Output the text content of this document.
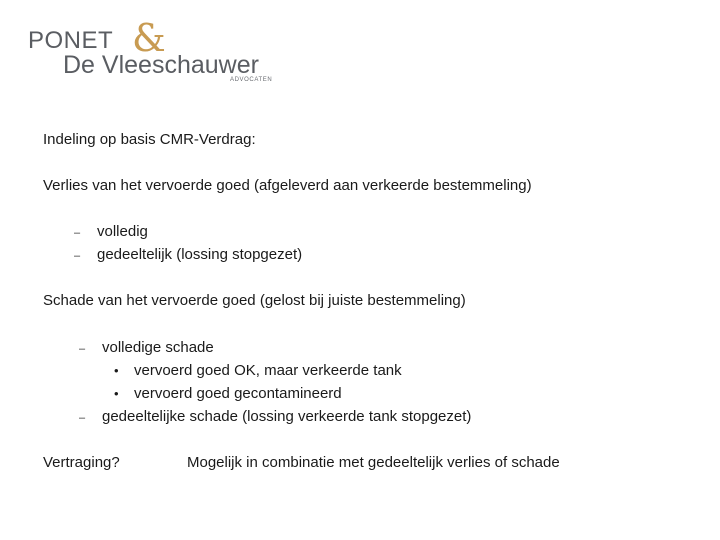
PONET &
De Vleeschauwer
ADVOCATEN
Indeling op basis CMR-Verdrag:
Verlies van het vervoerde goed (afgeleverd aan verkeerde bestemmeling)
– volledig
– gedeeltelijk (lossing stopgezet)
Schade van het vervoerde goed (gelost bij juiste bestemmeling)
– volledige schade
• vervoerd goed OK, maar verkeerde tank
• vervoerd goed gecontamineerd
– gedeeltelijke schade (lossing verkeerde tank stopgezet)
Vertraging?	Mogelijk in combinatie met gedeeltelijk verlies of schade
